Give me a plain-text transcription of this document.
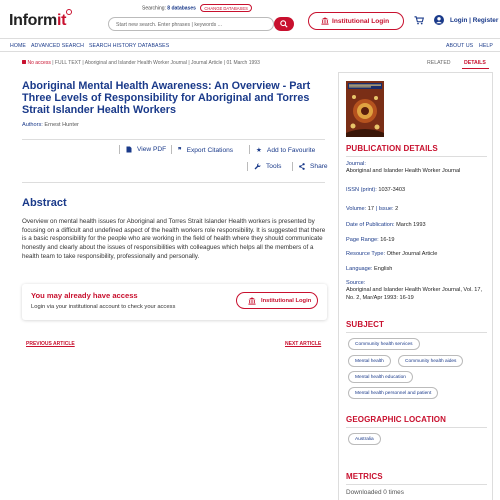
Informit
Searching: 8 databases CHANGE DATABASES
Start new search. Enter phrases | keywords ...
Institutional Login	Login | Register
HOME ADVANCED SEARCH SEARCH HISTORY DATABASES	ABOUT US HELP
No access | FULL TEXT | Aboriginal and Islander Health Worker Journal | Journal Article | 01 March 1993
Aboriginal Mental Health Awareness: An Overview - Part Three Levels of Responsibility for Aboriginal and Torres Strait Islander Health Workers
Authors: Ernest Hunter
View PDF ❞ Export Citations	★ Add to Favourite
Tools	Share
Abstract
Overview on mental health issues for Aboriginal and Torres Strait Islander Health workers is presented by focusing on a difficult and undefined aspect of the health workers role responsibility. It is suggested that there is a basic responsibility for the people who are working in the field of health where they should communicate honestly and clearly about the issues of responsibilities with colleagues which helps all the members of a health team to take responsibility, professionally and personally.
You may already have access
Login via your institutional account to check your access
Institutional Login
PREVIOUS ARTICLE	NEXT ARTICLE
RELATED	DETAILS
PUBLICATION DETAILS
Journal:
Aboriginal and Islander Health Worker Journal
ISSN (print): 1037-3403
Volume: 17 | Issue: 2
Date of Publication: March 1993
Page Range: 16-19
Resource Type: Other Journal Article
Language: English
Source:
Aboriginal and Islander Health Worker Journal, Vol. 17, No. 2, Mar/Apr 1993: 16-19
SUBJECT
Community health services
Mental health	Community health aides
Mental health education
Mental health personnel and patient
GEOGRAPHIC LOCATION
Australia
METRICS
Downloaded 0 times
